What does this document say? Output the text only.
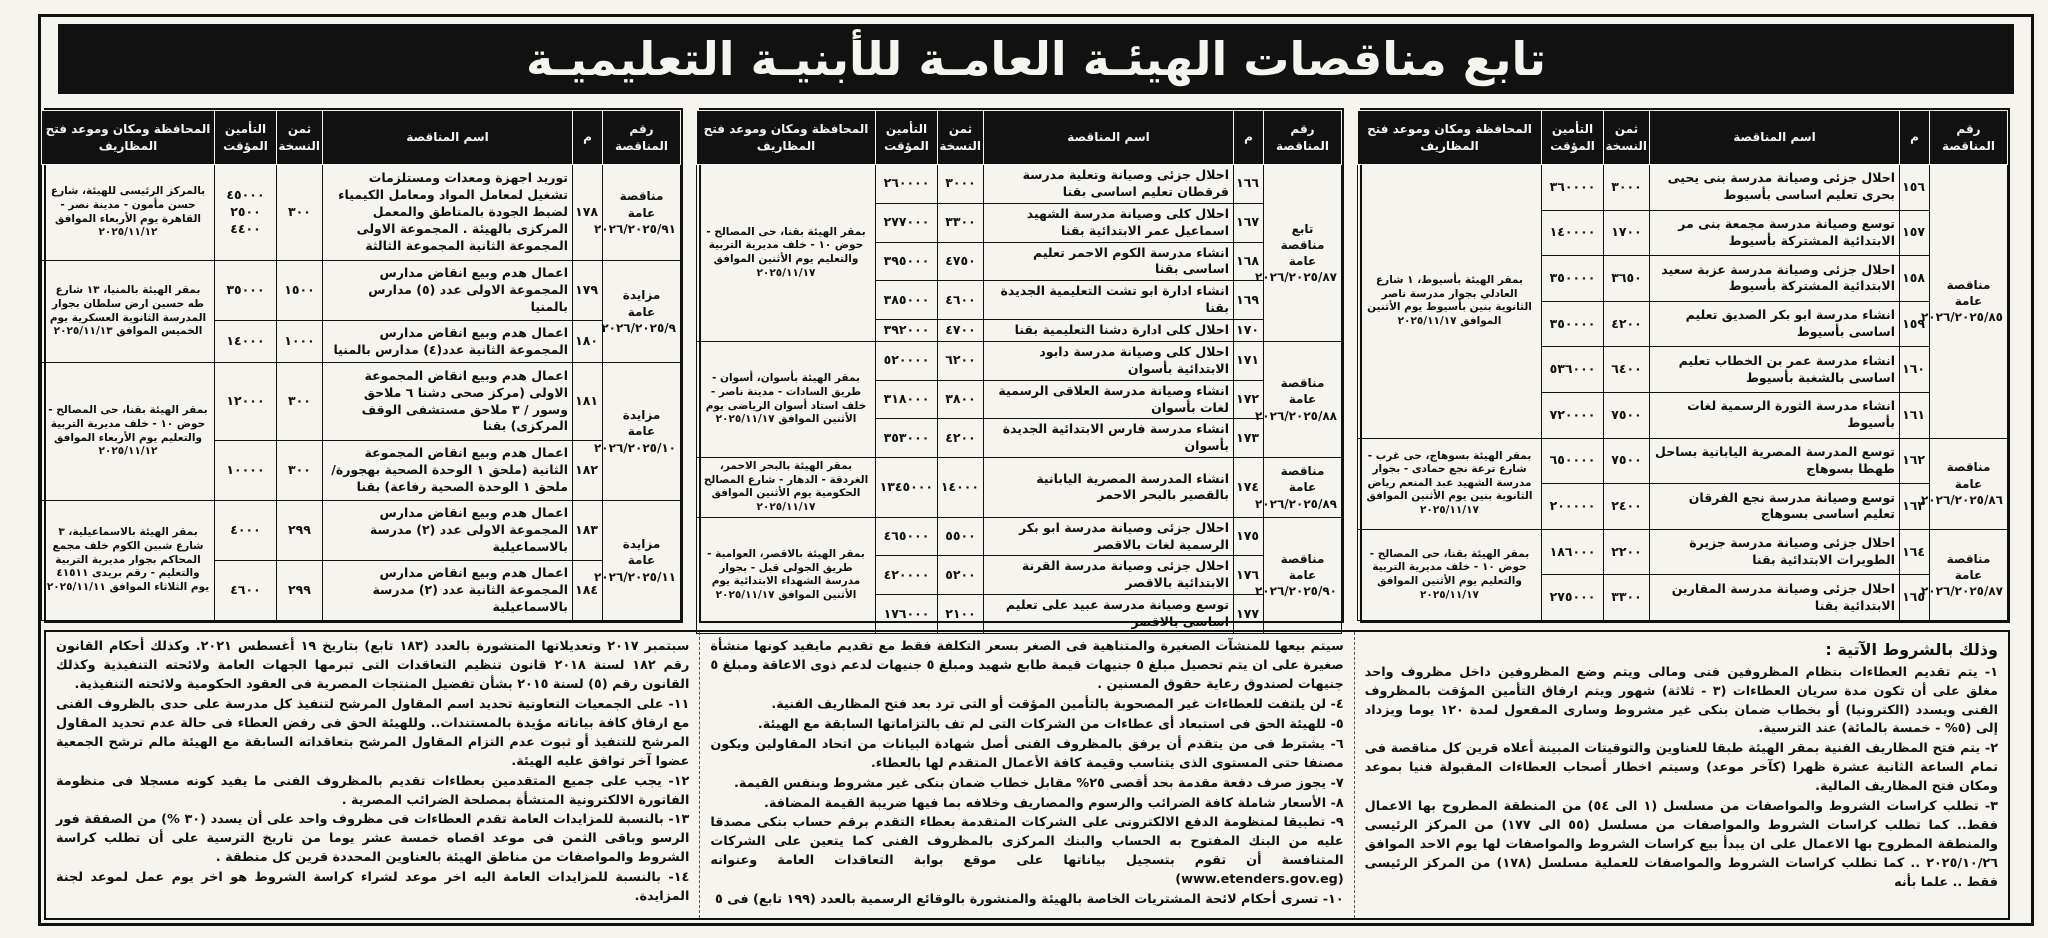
تابع مناقصات الهيئـة العامـة للأبنيـة التعليميـة
رقم المناقصة	م	اسم المناقصة	ثمن النسخة	التأمين المؤقت	المحافظة ومكان وموعد فتح المظاريف
مناقصة عامة ٢٠٢٦/٢٠٢٥/٨٥	١٥٦	احلال جزئى وصيانة مدرسة بنى يحيى بحرى تعليم اساسى بأسيوط	٣٠٠٠	٣٦٠٠٠٠	بمقر الهيئة بأسيوط، ١ شارع العادلي بجوار مدرسة ناصر الثانوية بنين بأسيوط يوم الأثنين الموافق ٢٠٢٥/١١/١٧
	١٥٧	توسع وصيانة مدرسة مجمعة بنى مر الابتدائية المشتركة بأسيوط	١٧٠٠	١٤٠٠٠٠	
	١٥٨	احلال جزئى وصيانة مدرسة عزبة سعيد الابتدائية المشتركة بأسيوط	٣٦٥٠	٣٥٠٠٠٠	
	١٥٩	انشاء مدرسة ابو بكر الصديق تعليم اساسى بأسيوط	٤٢٠٠	٣٥٠٠٠٠	
	١٦٠	انشاء مدرسة عمر بن الخطاب تعليم اساسى بالشغبة بأسيوط	٦٤٠٠	٥٣٦٠٠٠	
	١٦١	انشاء مدرسة الثورة الرسمية لغات بأسيوط	٧٥٠٠	٧٢٠٠٠٠	
مناقصة عامة ٢٠٢٦/٢٠٢٥/٨٦	١٦٢	توسع المدرسة المصرية اليابانية بساحل طهطا بسوهاج	٧٥٠٠	٦٥٠٠٠٠	بمقر الهيئة بسوهاج، حى غرب - شارع ترعة نجع حمادى - بجوار مدرسة الشهيد عبد المنعم رياض الثانوية بنين يوم الأثنين الموافق ٢٠٢٥/١١/١٧
	١٦٣	توسع وصيانة مدرسة نجع الفرقان تعليم اساسى بسوهاج	٢٤٠٠	٢٠٠٠٠٠	
مناقصة عامة ٢٠٢٦/٢٠٢٥/٨٧	١٦٤	احلال جزئى وصيانة مدرسة جزيرة الطويرات الابتدائية بقنا	٢٢٠٠	١٨٦٠٠٠	بمقر الهيئة بقنا، حى المصالح - حوض ١٠ - خلف مديرية التربية والتعليم يوم الأثنين الموافق ٢٠٢٥/١١/١٧
	١٦٥	احلال جزئى وصيانة مدرسة المقارين الابتدائية بقنا	٣٣٠٠	٢٧٥٠٠٠	
رقم المناقصة	م	اسم المناقصة	ثمن النسخة	التأمين المؤقت	المحافظة ومكان وموعد فتح المظاريف
تابع مناقصة عامة ٢٠٢٦/٢٠٢٥/٨٧	١٦٦	احلال جزئى وصيانة وتعلية مدرسة قرقطان تعليم اساسى بقنا	٣٠٠٠	٢٦٠٠٠٠	بمقر الهيئة بقنا، حى المصالح - حوض ١٠ - خلف مديرية التربية والتعليم يوم الأثنين الموافق ٢٠٢٥/١١/١٧
	١٦٧	احلال كلى وصيانة مدرسة الشهيد اسماعيل عمر الابتدائية بقنا	٣٣٠٠	٢٧٧٠٠٠	
	١٦٨	انشاء مدرسة الكوم الاحمر تعليم اساسى بقنا	٤٧٥٠	٣٩٥٠٠٠	
	١٦٩	انشاء ادارة ابو تشت التعليمية الجديدة بقنا	٤٦٠٠	٣٨٥٠٠٠	
	١٧٠	احلال كلى ادارة دشنا التعليمية بقنا	٤٧٠٠	٣٩٢٠٠٠	
مناقصة عامة ٢٠٢٦/٢٠٢٥/٨٨	١٧١	احلال كلى وصيانة مدرسة دابود الابتدائية بأسوان	٦٢٠٠	٥٢٠٠٠٠	بمقر الهيئة بأسوان، أسوان - طريق السادات - مدينة ناصر - خلف استاد أسوان الرياضى يوم الأثنين الموافق ٢٠٢٥/١١/١٧
	١٧٢	انشاء وصيانة مدرسة العلاقى الرسمية لغات بأسوان	٣٨٠٠	٣١٨٠٠٠	
	١٧٣	انشاء مدرسة فارس الابتدائية الجديدة بأسوان	٤٢٠٠	٣٥٣٠٠٠	
مناقصة عامة ٢٠٢٦/٢٠٢٥/٨٩	١٧٤	انشاء المدرسة المصرية اليابانية بالقصير بالبحر الاحمر	١٤٠٠٠	١٣٤٥٠٠٠	بمقر الهيئة بالبحر الاحمر، الغردقة - الدهار - شارع المصالح الحكومية يوم الأثنين الموافق ٢٠٢٥/١١/١٧
مناقصة عامة ٢٠٢٦/٢٠٢٥/٩٠	١٧٥	احلال جزئى وصيانة مدرسة ابو بكر الرسمية لغات بالاقصر	٥٥٠٠	٤٦٥٠٠٠	بمقر الهيئة بالاقصر، العوامية - طريق الجولى قبل - بجوار مدرسة الشهداء الابتدائية يوم الأثنين الموافق ٢٠٢٥/١١/١٧
	١٧٦	احلال جزئى وصيانة مدرسة القرنة الابتدائية بالاقصر	٥٢٠٠	٤٢٠٠٠٠	
	١٧٧	توسع وصيانة مدرسة عبيد على تعليم اساسى بالاقصر	٢١٠٠	١٧٦٠٠٠	
رقم المناقصة	م	اسم المناقصة	ثمن النسخة	التأمين المؤقت	المحافظة ومكان وموعد فتح المظاريف
مناقصة عامة ٢٠٢٦/٢٠٢٥/٩١	١٧٨	توريد اجهزة ومعدات ومستلزمات تشغيل لمعامل المواد ومعامل الكيمياء لضبط الجودة بالمناطق والمعمل المركزى بالهيئة . المجموعة الاولى المجموعة الثانية المجموعة الثالثة	٣٠٠	٤٥٠٠٠ ٢٥٠٠ ٤٤٠٠	بالمركز الرئيسى للهيئة، شارع حسن مأمون - مدينة نصر - القاهرة يوم الأربعاء الموافق ٢٠٢٥/١١/١٢
مزايدة عامة ٢٠٢٦/٢٠٢٥/٩	١٧٩	اعمال هدم وبيع انقاض مدارس المجموعة الاولى عدد (٥) مدارس بالمنيا	١٥٠٠	٣٥٠٠٠	بمقر الهيئة بالمنيا، ١٣ شارع طه حسين ارض سلطان بجوار المدرسة الثانوية العسكرية يوم الخميس الموافق ٢٠٢٥/١١/١٣
	١٨٠	اعمال هدم وبيع انقاض مدارس المجموعة الثانية عدد(٤) مدارس بالمنيا	١٠٠٠	١٤٠٠٠	
مزايدة عامة ٢٠٢٦/٢٠٢٥/١٠	١٨١	اعمال هدم وبيع انقاض المجموعة الاولى (مركز صحى دشنا ٦ ملاحق وسور / ٣ ملاحق مستشفى الوقف المركزى) بقنا	٣٠٠	١٢٠٠٠	بمقر الهيئة بقنا، حى المصالح - حوض ١٠ - خلف مديرية التربية والتعليم يوم الأربعاء الموافق ٢٠٢٥/١١/١٢
	١٨٢	اعمال هدم وبيع انقاض المجموعة الثانية (ملحق ١ الوحدة الصحية بهجورة/ ملحق ١ الوحدة الصحية رفاعة) بقنا	٣٠٠	١٠٠٠٠	
مزايدة عامة ٢٠٢٦/٢٠٢٥/١١	١٨٣	اعمال هدم وبيع انقاض مدارس المجموعة الاولى عدد (٢) مدرسة بالاسماعيلية	٢٩٩	٤٠٠٠	بمقر الهيئة بالاسماعيلية، ٣ شارع شبين الكوم خلف مجمع المحاكم بجوار مديرية التربية والتعليم - رقم بريدى ٤١٥١١ يوم الثلاثاء الموافق ٢٠٢٥/١١/١١
	١٨٤	اعمال هدم وبيع انقاض مدارس المجموعة الثانية عدد (٢) مدرسة بالاسماعيلية	٢٩٩	٤٦٠٠	
وذلك بالشروط الآتية :
١- يتم تقديم العطاءات بنظام المظروفين فنى ومالى ويتم وضع المظروفين داخل مظروف واحد مغلق على أن تكون مدة سريان العطاءات (٣ - ثلاثة) شهور ويتم ارفاق التأمين المؤقت بالمظروف الفنى ويسدد (الكترونيا) أو بخطاب ضمان بنكى غير مشروط وسارى المفعول لمدة ١٢٠ يوما ويزداد إلى (٥% - خمسة بالمائة) عند الترسية.
٢- يتم فتح المظاريف الفنية بمقر الهيئة طبقا للعناوين والتوقيتات المبينة أعلاه قرين كل مناقصة فى تمام الساعة الثانية عشرة ظهرا (كآخر موعد) وسيتم اخطار أصحاب العطاءات المقبولة فنيا بموعد ومكان فتح المظاريف المالية.
٣- تطلب كراسات الشروط والمواصفات من مسلسل (١ الى ٥٤) من المنطقة المطروح بها الاعمال فقط.. كما تطلب كراسات الشروط والمواصفات من مسلسل (٥٥ الى ١٧٧) من المركز الرئيسى والمنطقة المطروح بها الاعمال على ان يبدأ بيع كراسات الشروط والمواصفات لها يوم الاحد الموافق ٢٠٢٥/١٠/٢٦ .. كما تطلب كراسات الشروط والمواصفات للعملية مسلسل (١٧٨) من المركز الرئيسى فقط .. علما بأنه
سيتم بيعها للمنشآت الصغيرة والمتناهية فى الصغر بسعر التكلفة فقط مع تقديم مايفيد كونها منشأة صغيرة على ان يتم تحصيل مبلغ ٥ جنيهات قيمة طابع شهيد ومبلغ ٥ جنيهات لدعم ذوى الاعاقة ومبلغ ٥ جنيهات لصندوق رعاية حقوق المسنين .
٤- لن يلتفت للعطاءات غير المصحوبة بالتأمين المؤقت أو التى ترد بعد فتح المظاريف الفنية.
٥- للهيئة الحق فى استبعاد أى عطاءات من الشركات التى لم تف بالتزاماتها السابقة مع الهيئة.
٦- يشترط فى من يتقدم أن يرفق بالمظروف الفنى أصل شهادة البيانات من اتحاد المقاولين ويكون مصنفا حتى المستوى الذى يتناسب وقيمة كافة الأعمال المتقدم لها بالعطاء.
٧- يجوز صرف دفعة مقدمة بحد أقصى ٢٥% مقابل خطاب ضمان بنكى غير مشروط وبنفس القيمة.
٨- الأسعار شاملة كافة الضرائب والرسوم والمصاريف وخلافه بما فيها ضريبة القيمة المضافة.
٩- تطبيقا لمنظومة الدفع الالكترونى على الشركات المتقدمة بعطاء التقدم برقم حساب بنكى مصدقا عليه من البنك المفتوح به الحساب والبنك المركزى بالمظروف الفنى كما يتعين على الشركات المتنافسة أن تقوم بتسجيل بياناتها على موقع بوابة التعاقدات العامة وعنوانه (www.etenders.gov.eg)
١٠- تسرى أحكام لائحة المشتريات الخاصة بالهيئة والمنشورة بالوقائع الرسمية بالعدد (١٩٩ تابع) فى ٥
سبتمبر ٢٠١٧ وتعديلاتها المنشورة بالعدد (١٨٣ تابع) بتاريخ ١٩ أغسطس ٢٠٢١. وكذلك أحكام القانون رقم ١٨٢ لسنة ٢٠١٨ قانون تنظيم التعاقدات التى تبرمها الجهات العامة ولائحته التنفيذية وكذلك القانون رقم (٥) لسنة ٢٠١٥ بشأن تفضيل المنتجات المصرية فى العقود الحكومية ولائحته التنفيذية.
١١- على الجمعيات التعاونية تحديد اسم المقاول المرشح لتنفيذ كل مدرسة على حدى بالظروف الفنى مع ارفاق كافة بياناته مؤيدة بالمستندات.. وللهيئة الحق فى رفض العطاء فى حالة عدم تحديد المقاول المرشح للتنفيذ أو ثبوت عدم التزام المقاول المرشح بتعاقداته السابقة مع الهيئة مالم ترشح الجمعية عضوا آخر توافق عليه الهيئة.
١٢- يجب على جميع المتقدمين بعطاءات تقديم بالمظروف الفنى ما يفيد كونه مسجلا فى منظومة الفاتورة الالكترونية المنشأة بمصلحة الضرائب المصرية .
١٣- بالنسبة للمزايدات العامة تقدم العطاءات فى مظروف واحد على أن يسدد (٣٠ %) من الصفقة فور الرسو وباقى الثمن فى موعد اقصاه خمسة عشر يوما من تاريخ الترسية على أن تطلب كراسة الشروط والمواصفات من مناطق الهيئة بالعناوين المحددة قرين كل منطقة .
١٤- بالنسبة للمزايدات العامة اليه اخر موعد لشراء كراسة الشروط هو اخر يوم عمل لموعد لجنة المزايدة.
